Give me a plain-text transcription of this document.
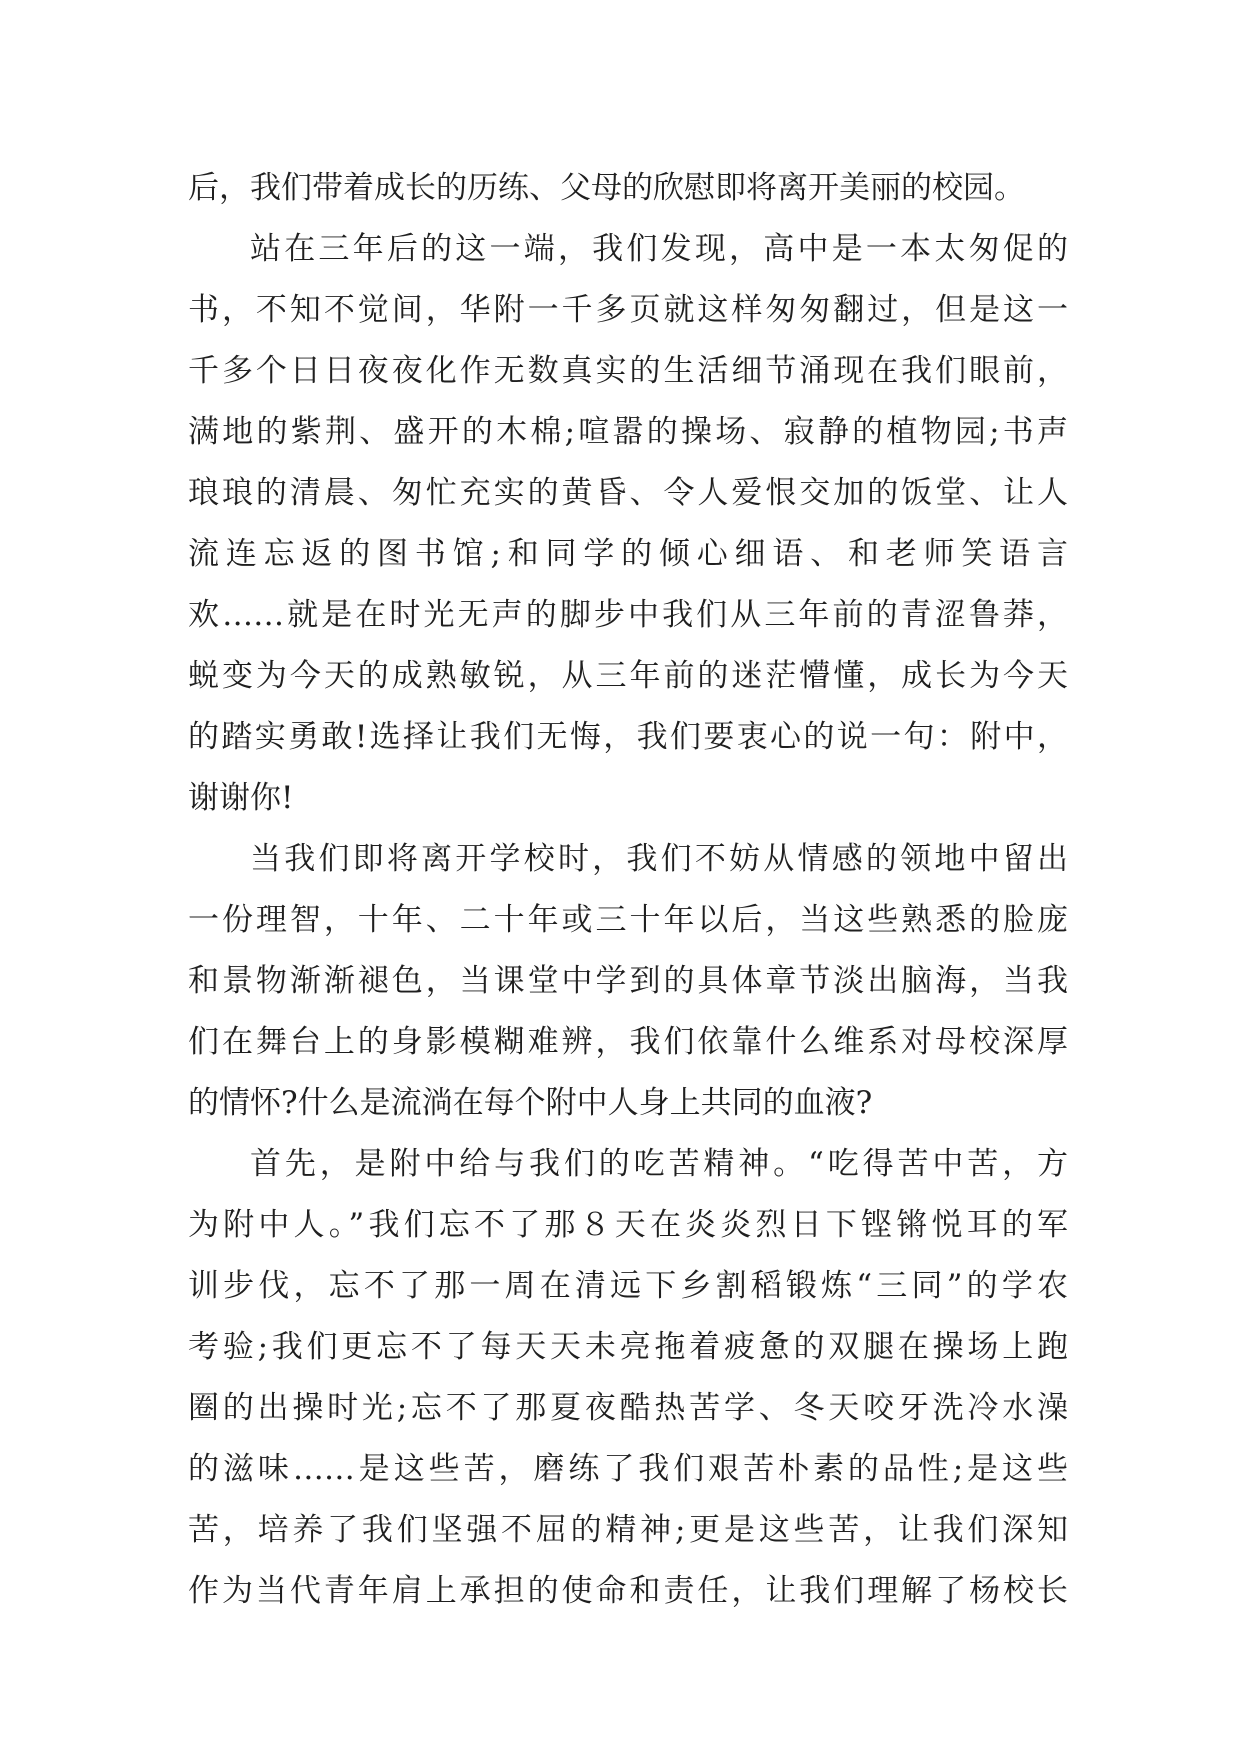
后，我们带着成长的历练、父母的欣慰即将离开美丽的校园。
站在三年后的这一端，我们发现，高中是一本太匆促的
书，不知不觉间，华附一千多页就这样匆匆翻过，但是这一
千多个日日夜夜化作无数真实的生活细节涌现在我们眼前，
满地的紫荆、盛开的木棉;喧嚣的操场、寂静的植物园;书声
琅琅的清晨、匆忙充实的黄昏、令人爱恨交加的饭堂、让人
流连忘返的图书馆;和同学的倾心细语、和老师笑语言
欢……就是在时光无声的脚步中我们从三年前的青涩鲁莽，
蜕变为今天的成熟敏锐，从三年前的迷茫懵懂，成长为今天
的踏实勇敢!选择让我们无悔，我们要衷心的说一句：附中，
谢谢你!
当我们即将离开学校时，我们不妨从情感的领地中留出
一份理智，十年、二十年或三十年以后，当这些熟悉的脸庞
和景物渐渐褪色，当课堂中学到的具体章节淡出脑海，当我
们在舞台上的身影模糊难辨，我们依靠什么维系对母校深厚
的情怀?什么是流淌在每个附中人身上共同的血液?
首先，是附中给与我们的吃苦精神。“吃得苦中苦，方
为附中人。”我们忘不了那８天在炎炎烈日下铿锵悦耳的军
训步伐，忘不了那一周在清远下乡割稻锻炼“三同”的学农
考验;我们更忘不了每天天未亮拖着疲惫的双腿在操场上跑
圈的出操时光;忘不了那夏夜酷热苦学、冬天咬牙洗冷水澡
的滋味……是这些苦，磨练了我们艰苦朴素的品性;是这些
苦，培养了我们坚强不屈的精神;更是这些苦，让我们深知
作为当代青年肩上承担的使命和责任，让我们理解了杨校长
